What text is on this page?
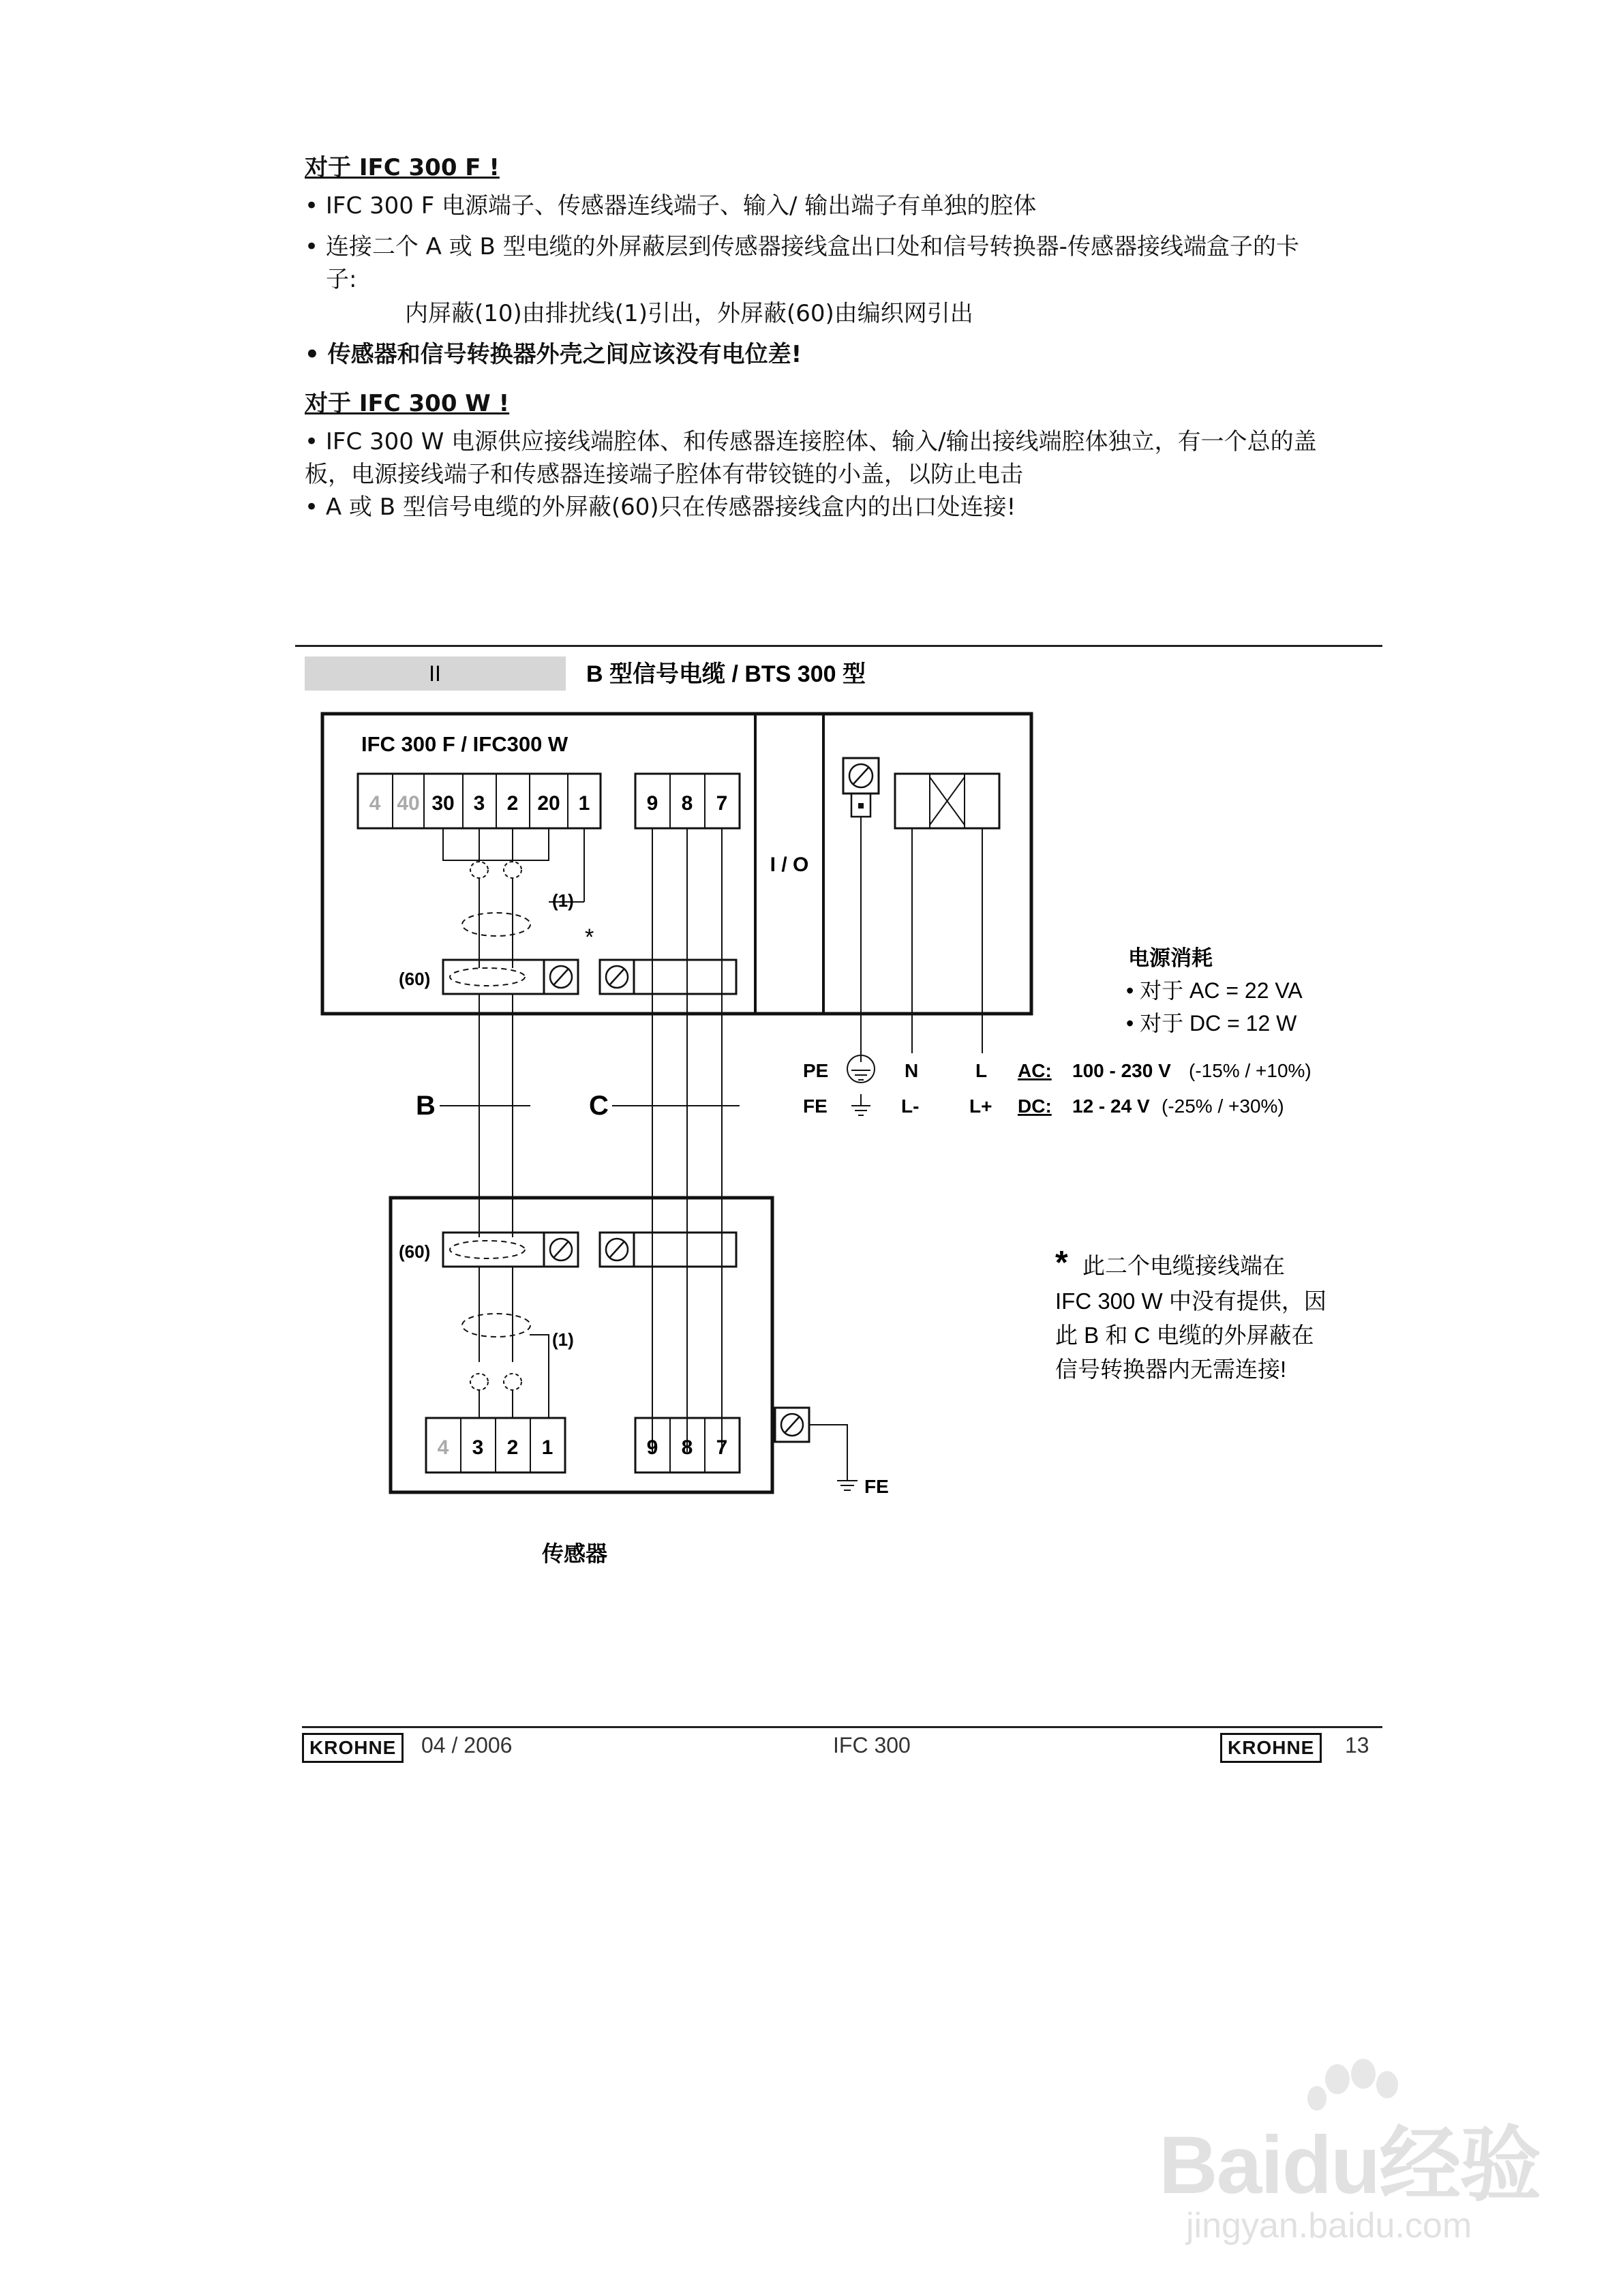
对于 IFC 300 F !
• IFC 300 F 电源端子、传感器连线端子、输入/ 输出端子有单独的腔体
• 连接二个 A 或 B 型电缆的外屏蔽层到传感器接线盒出口处和信号转换器-传感器接线端盒子的卡
子:
内屏蔽(10)由排扰线(1)引出，外屏蔽(60)由编织网引出
• 传感器和信号转换器外壳之间应该没有电位差!
对于 IFC 300 W !
• IFC 300 W 电源供应接线端腔体、和传感器连接腔体、输入/输出接线端腔体独立，有一个总的盖
板，电源接线端子和传感器连接端子腔体有带铰链的小盖，以防止电击
• A 或 B 型信号电缆的外屏蔽(60)只在传感器接线盒内的出口处连接!
II	B 型信号电缆 / BTS 300 型
IFC 300 F / IFC300 W
I / O
4 40 30 3 2 20 1	9 8 7
(1)
*
(60)
B	C
电源消耗
• 对于 AC = 22 VA
• 对于 DC = 12 W
PE	N	L AC: 100 - 230 V (-15% / +10%)
FE	L-	L+ DC: 12 - 24 V (-25% / +30%)
(60)
(1)
4 3 2 1	9 8 7
FE
传感器
* 此二个电缆接线端在
IFC 300 W 中没有提供，因
此 B 和 C 电缆的外屏蔽在
信号转换器内无需连接!
KROHNE	04 / 2006	IFC 300	KROHNE	13
Baidu经验
jingyan.baidu.com
